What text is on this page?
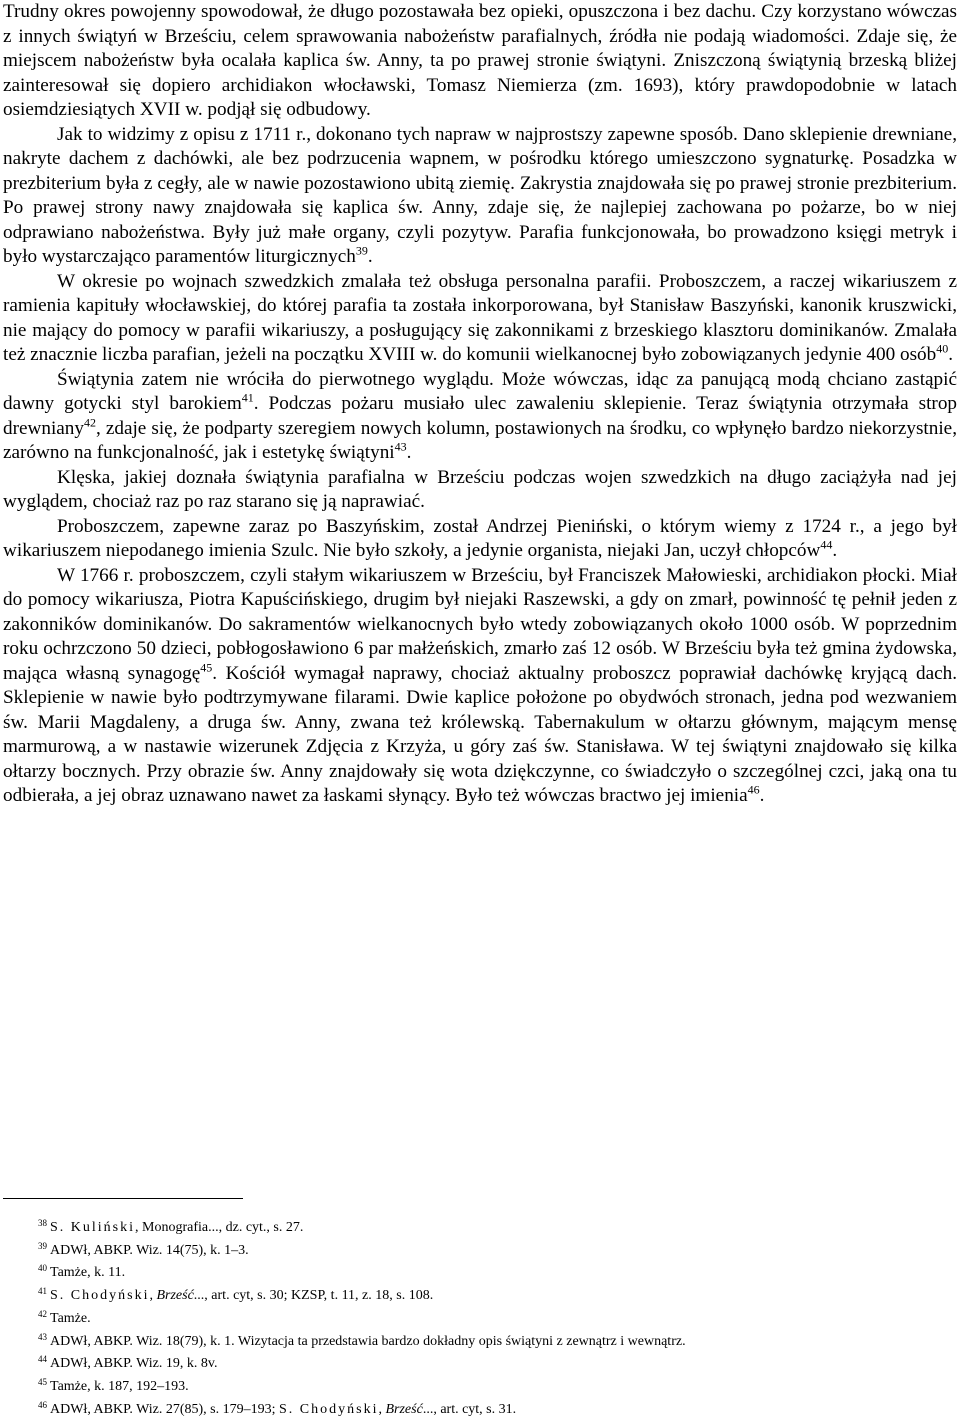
Trudny okres powojenny spowodował, że długo pozostawała bez opieki, opuszczona i bez dachu. Czy korzystano wówczas z innych świątyń w Brześciu, celem sprawowania nabożeństw parafialnych, źródła nie podają wiadomości. Zdaje się, że miejscem nabożeństw była ocalała kaplica św. Anny, ta po prawej stronie świątyni. Zniszczoną świątynią brzeską bliżej zainteresował się dopiero archidiakon włocławski, Tomasz Niemierza (zm. 1693), który prawdopodobnie w latach osiemdziesiątych XVII w. podjął się odbudowy.

Jak to widzimy z opisu z 1711 r., dokonano tych napraw w najprostszy zapewne sposób. Dano sklepienie drewniane, nakryte dachem z dachówki, ale bez podrzucenia wapnem, w pośrodku którego umieszczono sygnaturkę. Posadzka w prezbiterium była z cegły, ale w nawie pozostawiono ubitą ziemię. Zakrystia znajdowała się po prawej stronie prezbiterium. Po prawej strony nawy znajdowała się kaplica św. Anny, zdaje się, że najlepiej zachowana po pożarze, bo w niej odprawiano nabożeństwa. Były już małe organy, czyli pozytyw. Parafia funkcjonowała, bo prowadzono księgi metryk i było wystarczająco paramentów liturgicznych$^{39}$.

W okresie po wojnach szwedzkich zmalała też obsługa personalna parafii. Proboszczem, a raczej wikariuszem z ramienia kapituły włocławskiej, do której parafia ta została inkorporowana, był Stanisław Baszyński, kanonik kruszwicki, nie mający do pomocy w parafii wikariuszy, a posługujący się zakonnikami z brzeskiego klasztoru dominikanów. Zmalała też znacznie liczba parafian, jeżeli na początku XVIII w. do komunii wielkanocnej było zobowiązanych jedynie 400 osób$^{40}$.

Świątynia zatem nie wróciła do pierwotnego wyglądu. Może wówczas, idąc za panującą modą chciano zastąpić dawny gotycki styl barokiem$^{41}$. Podczas pożaru musiało ulec zawaleniu sklepienie. Teraz świątynia otrzymała strop drewniany$^{42}$, zdaje się, że podparty szeregiem nowych kolumn, postawionych na środku, co wpłynęło bardzo niekorzystnie, zarówno na funkcjonalność, jak i estetykę świątyni$^{43}$.

Klęska, jakiej doznała świątynia parafialna w Brześciu podczas wojen szwedzkich na długo zaciążyła nad jej wyglądem, chociaż raz po raz starano się ją naprawiać.

Proboszczem, zapewne zaraz po Baszyńskim, został Andrzej Pieniński, o którym wiemy z 1724 r., a jego był wikariuszem niepodanego imienia Szulc. Nie było szkoły, a jedynie organista, niejaki Jan, uczył chłopców$^{44}$.

W 1766 r. proboszczem, czyli stałym wikariuszem w Brześciu, był Franciszek Małowieski, archidiakon płocki. Miał do pomocy wikariusza, Piotra Kapuścińskiego, drugim był niejaki Raszewski, a gdy on zmarł, powinność tę pełnił jeden z zakonników dominikanów. Do sakramentów wielkanocnych było wtedy zobowiązanych około 1000 osób. W poprzednim roku ochrzczono 50 dzieci, pobłogosławiono 6 par małżeńskich, zmarło zaś 12 osób. W Brześciu była też gmina żydowska, mająca własną synagogę$^{45}$. Kościół wymagał naprawy, chociaż aktualny proboszcz poprawiał dachówkę kryjącą dach. Sklepienie w nawie było podtrzymywane filarami. Dwie kaplice położone po obydwóch stronach, jedna pod wezwaniem św. Marii Magdaleny, a druga św. Anny, zwana też królewską. Tabernakulum w ołtarzu głównym, mającym mensę marmurową, a w nastawie wizerunek Zdjęcia z Krzyża, u góry zaś św. Stanisława. W tej świątyni znajdowało się kilka ołtarzy bocznych. Przy obrazie św. Anny znajdowały się wota dziękczynne, co świadczyło o szczególnej czci, jaką ona tu odbierała, a jej obraz uznawano nawet za łaskami słynący. Było też wówczas bractwo jej imienia$^{46}$.

$^{38}$ S. Kuliński, Monografia..., dz. cyt., s. 27.
$^{39}$ ADWł, ABKP. Wiz. 14(75), k. 1–3.
$^{40}$ Tamże, k. 11.
$^{41}$ S. Chodyński, Brześć..., art. cyt, s. 30; KZSP, t. 11, z. 18, s. 108.
$^{42}$ Tamże.
$^{43}$ ADWł, ABKP. Wiz. 18(79), k. 1. Wizytacja ta przedstawia bardzo dokładny opis świątyni z zewnątrz i wewnątrz.
$^{44}$ ADWł, ABKP. Wiz. 19, k. 8v.
$^{45}$ Tamże, k. 187, 192–193.
$^{46}$ ADWł, ABKP. Wiz. 27(85), s. 179–193; S. Chodyński, Brześć..., art. cyt, s. 31.
